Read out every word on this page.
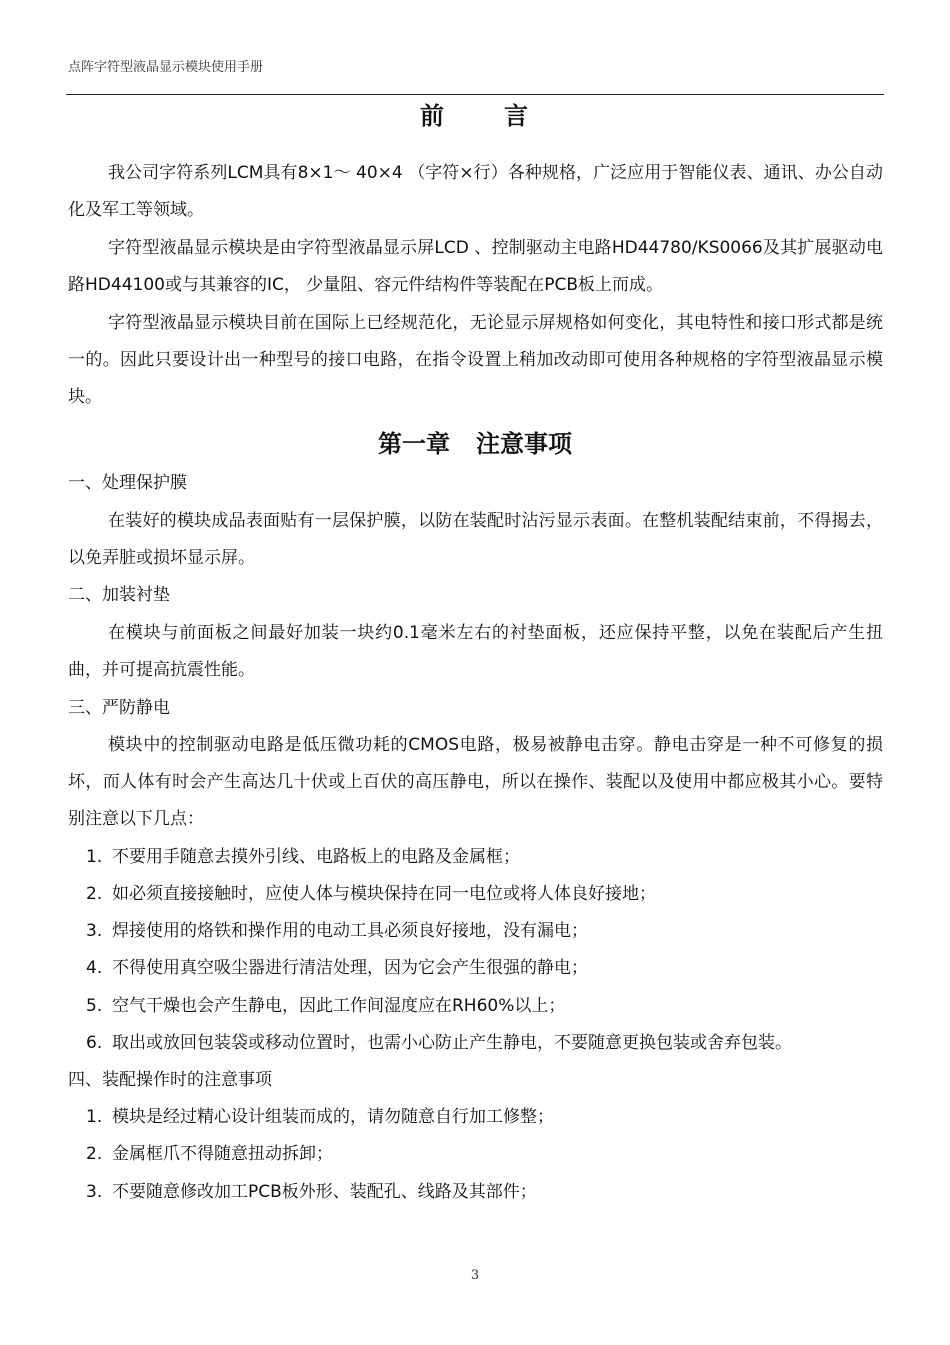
点阵字符型液晶显示模块使用手册
前 言
我公司字符系列LCM具有8×1～ 40×4 （字符×行）各种规格，广泛应用于智能仪表、通讯、办公自动化及军工等领域。
字符型液晶显示模块是由字符型液晶显示屏LCD 、控制驱动主电路HD44780/KS0066及其扩展驱动电路HD44100或与其兼容的IC， 少量阻、容元件结构件等装配在PCB板上而成。
字符型液晶显示模块目前在国际上已经规范化，无论显示屏规格如何变化，其电特性和接口形式都是统一的。因此只要设计出一种型号的接口电路，在指令设置上稍加改动即可使用各种规格的字符型液晶显示模块。
第一章 注意事项
一、处理保护膜
在装好的模块成品表面贴有一层保护膜，以防在装配时沾污显示表面。在整机装配结束前，不得揭去，以免弄脏或损坏显示屏。
二、加装衬垫
在模块与前面板之间最好加装一块约0.1毫米左右的衬垫面板，还应保持平整，以免在装配后产生扭曲，并可提高抗震性能。
三、严防静电
模块中的控制驱动电路是低压微功耗的CMOS电路，极易被静电击穿。静电击穿是一种不可修复的损坏，而人体有时会产生高达几十伏或上百伏的高压静电，所以在操作、装配以及使用中都应极其小心。要特别注意以下几点：
1. 不要用手随意去摸外引线、电路板上的电路及金属框；
2. 如必须直接接触时，应使人体与模块保持在同一电位或将人体良好接地；
3. 焊接使用的烙铁和操作用的电动工具必须良好接地，没有漏电；
4. 不得使用真空吸尘器进行清洁处理，因为它会产生很强的静电；
5. 空气干燥也会产生静电，因此工作间湿度应在RH60%以上；
6. 取出或放回包装袋或移动位置时，也需小心防止产生静电，不要随意更换包装或舍弃包装。
四、装配操作时的注意事项
1. 模块是经过精心设计组装而成的，请勿随意自行加工修整；
2. 金属框爪不得随意扭动拆卸；
3. 不要随意修改加工PCB板外形、装配孔、线路及其部件；
3
